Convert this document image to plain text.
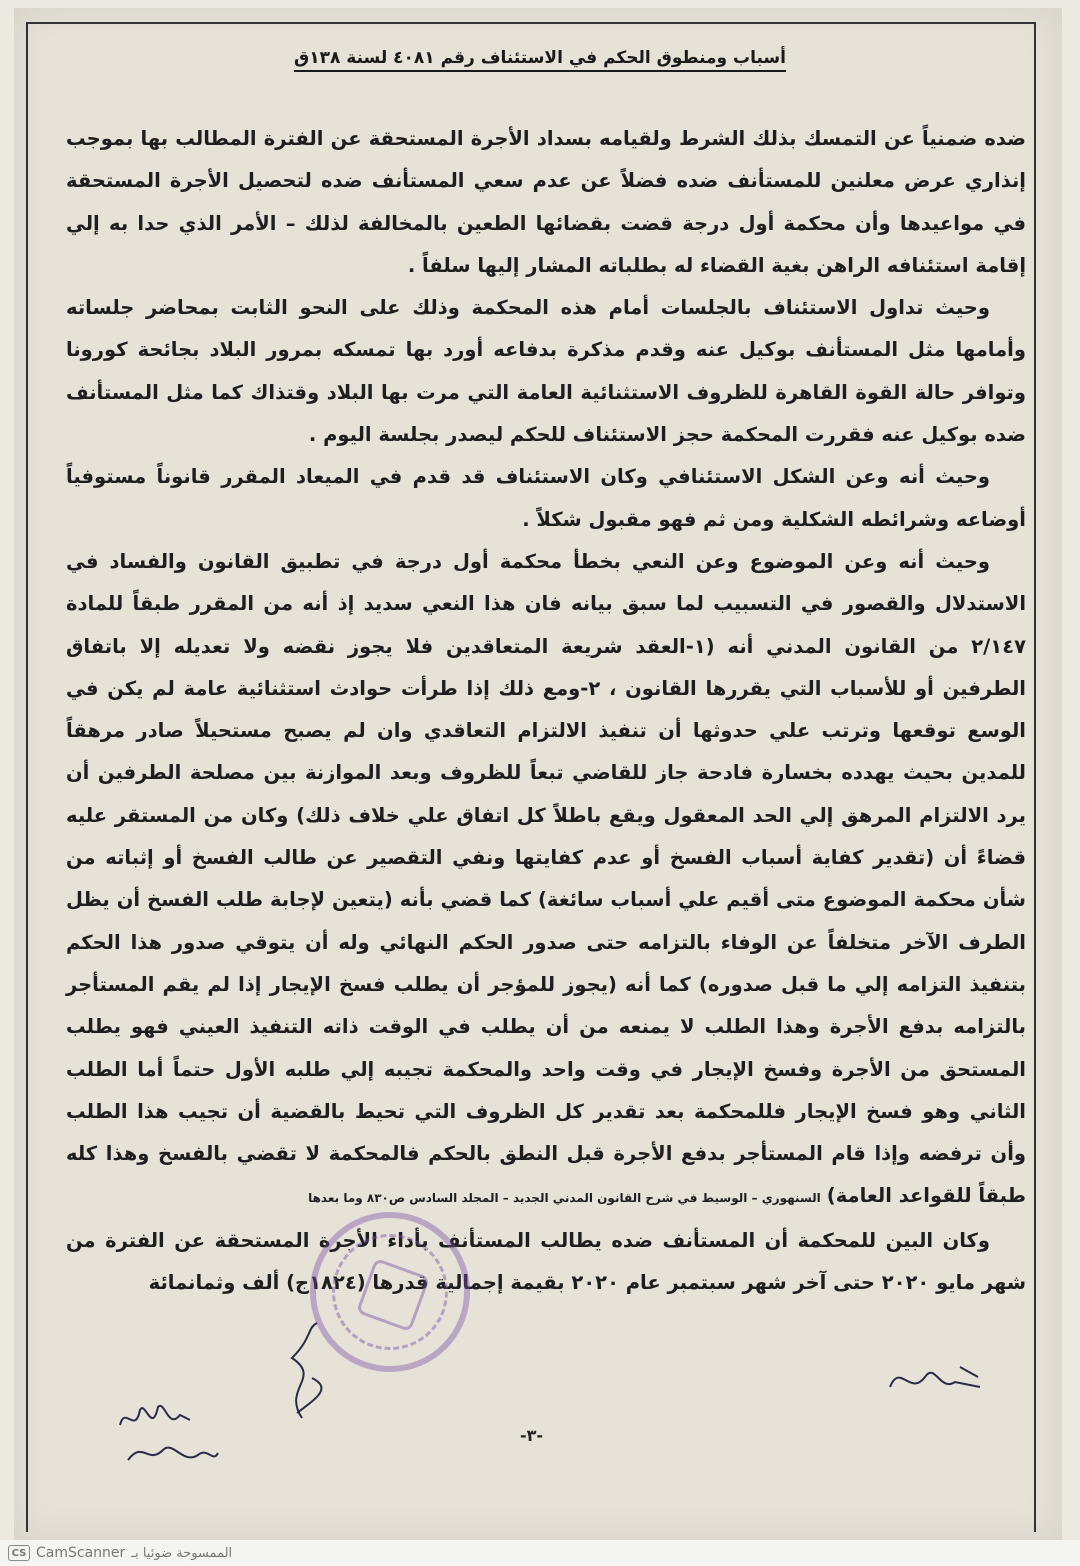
أسباب ومنطوق الحكم في الاستئناف رقم ٤٠٨١ لسنة ١٣٨ق

ضده ضمنياً عن التمسك بذلك الشرط ولقيامه بسداد الأجرة المستحقة عن الفترة المطالب بها بموجب إنذاري عرض معلنين للمستأنف ضده فضلاً عن عدم سعي المستأنف ضده لتحصيل الأجرة المستحقة في مواعيدها وأن محكمة أول درجة قضت بقضائها الطعين بالمخالفة لذلك – الأمر الذي حدا به إلي إقامة استئنافه الراهن بغية القضاء له بطلباته المشار إليها سلفاً .

وحيث تداول الاستئناف بالجلسات أمام هذه المحكمة وذلك على النحو الثابت بمحاضر جلساته وأمامها مثل المستأنف بوكيل عنه وقدم مذكرة بدفاعه أورد بها تمسكه بمرور البلاد بجائحة كورونا وتوافر حالة القوة القاهرة للظروف الاستثنائية العامة التي مرت بها البلاد وقتذاك كما مثل المستأنف ضده بوكيل عنه فقررت المحكمة حجز الاستئناف للحكم ليصدر بجلسة اليوم .

وحيث أنه وعن الشكل الاستئنافي وكان الاستئناف قد قدم في الميعاد المقرر قانوناً مستوفياً أوضاعه وشرائطه الشكلية ومن ثم فهو مقبول شكلاً .

وحيث أنه وعن الموضوع وعن النعي بخطأ محكمة أول درجة في تطبيق القانون والفساد في الاستدلال والقصور في التسبيب لما سبق بيانه فان هذا النعي سديد إذ أنه من المقرر طبقاً للمادة ٢/١٤٧ من القانون المدني أنه (١-العقد شريعة المتعاقدين فلا يجوز نقضه ولا تعديله إلا باتفاق الطرفين أو للأسباب التي يقررها القانون ، ٢-ومع ذلك إذا طرأت حوادث استثنائية عامة لم يكن في الوسع توقعها وترتب علي حدوثها أن تنفيذ الالتزام التعاقدي وان لم يصبح مستحيلاً صادر مرهقاً للمدين بحيث يهدده بخسارة فادحة جاز للقاضي تبعاً للظروف وبعد الموازنة بين مصلحة الطرفين أن يرد الالتزام المرهق إلي الحد المعقول ويقع باطلاً كل اتفاق علي خلاف ذلك) وكان من المستقر عليه قضاءً أن (تقدير كفاية أسباب الفسخ أو عدم كفايتها ونفي التقصير عن طالب الفسخ أو إثباته من شأن محكمة الموضوع متى أقيم علي أسباب سائغة) كما قضي بأنه (يتعين لإجابة طلب الفسخ أن يظل الطرف الآخر متخلفاً عن الوفاء بالتزامه حتى صدور الحكم النهائي وله أن يتوقي صدور هذا الحكم بتنفيذ التزامه إلي ما قبل صدوره) كما أنه (يجوز للمؤجر أن يطلب فسخ الإيجار إذا لم يقم المستأجر بالتزامه بدفع الأجرة وهذا الطلب لا يمنعه من أن يطلب في الوقت ذاته التنفيذ العيني فهو يطلب المستحق من الأجرة وفسخ الإيجار في وقت واحد والمحكمة تجيبه إلي طلبه الأول حتماً أما الطلب الثاني وهو فسخ الإيجار فللمحكمة بعد تقدير كل الظروف التي تحيط بالقضية أن تجيب هذا الطلب وأن ترفضه وإذا قام المستأجر بدفع الأجرة قبل النطق بالحكم فالمحكمة لا تقضي بالفسخ وهذا كله طبقاً للقواعد العامة)السنهوري – الوسيط في شرح القانون المدني الجديد – المجلد السادس ص٨٣٠ وما بعدها

وكان البين للمحكمة أن المستأنف ضده يطالب المستأنف بأداء الأجرة المستحقة عن الفترة من شهر مايو ٢٠٢٠ حتى آخر شهر سبتمبر عام ٢٠٢٠ بقيمة إجمالية قدرها (١٨٢٤ج) ألف وثمانمائة

-٣-
CS CamScanner الممسوحة ضوئيا بـ
